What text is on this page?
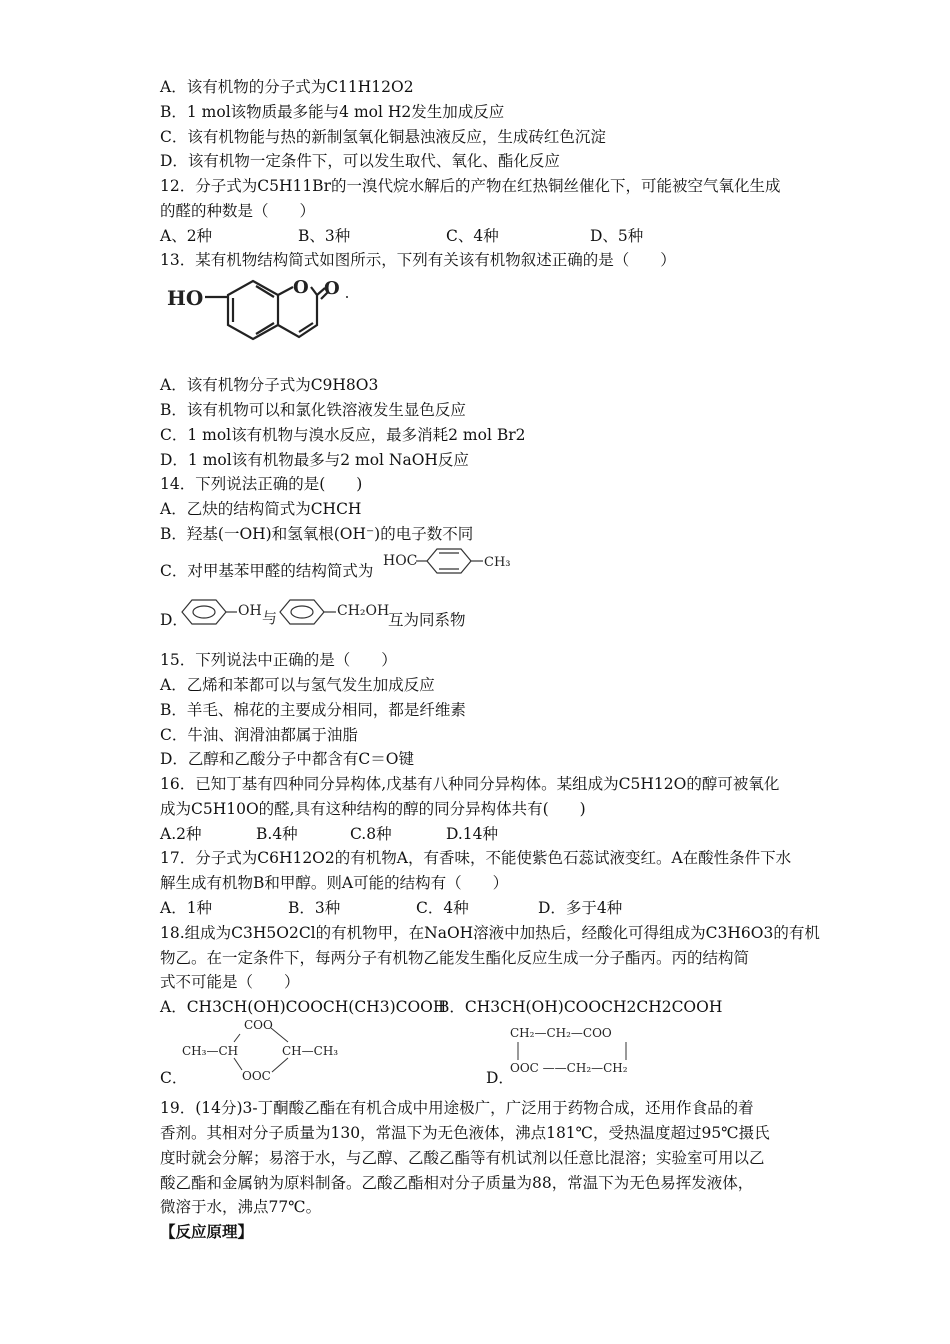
A．该有机物的分子式为C11H12O2
B．1 mol该物质最多能与4 mol H2发生加成反应
C．该有机物能与热的新制氢氧化铜悬浊液反应，生成砖红色沉淀
D．该有机物一定条件下，可以发生取代、氧化、酯化反应
12．分子式为C5H11Br的一溴代烷水解后的产物在红热铜丝催化下，可能被空气氧化生成
的醛的种数是（　　）
A、2种	B、3种	C、4种	D、5种
13．某有机物结构简式如图所示，下列有关该有机物叙述正确的是（　　）
HO	O O
A．该有机物分子式为C9H8O3
B．该有机物可以和氯化铁溶液发生显色反应
C．1 mol该有机物与溴水反应，最多消耗2 mol Br2
D．1 mol该有机物最多与2 mol NaOH反应
14．下列说法正确的是(　　)
A．乙炔的结构简式为CHCH
B．羟基(一OH)和氢氧根(OH⁻)的电子数不同
C．对甲基苯甲醛的结构简式为
HOC	CH₃
D．	OH 与	CH₂OH
互为同系物
15．下列说法中正确的是（　　）
A．乙烯和苯都可以与氢气发生加成反应
B．羊毛、棉花的主要成分相同，都是纤维素
C．牛油、润滑油都属于油脂
D．乙醇和乙酸分子中都含有C＝O键
16．已知丁基有四种同分异构体,戊基有八种同分异构体。某组成为C5H12O的醇可被氧化
成为C5H10O的醛,具有这种结构的醇的同分异构体共有(　　)
A.2种	B.4种	C.8种	D.14种
17．分子式为C6H12O2的有机物A，有香味，不能使紫色石蕊试液变红。A在酸性条件下水
解生成有机物B和甲醇。则A可能的结构有（　　）
A．1种	B．3种	C．4种	D．多于4种
18.组成为C3H5O2Cl的有机物甲，在NaOH溶液中加热后，经酸化可得组成为C3H6O3的有机
物乙。在一定条件下，每两分子有机物乙能发生酯化反应生成一分子酯丙。丙的结构简
式不可能是（　　）
A．CH3CH(OH)COOCH(CH3)COOH
B．CH3CH(OH)COOCH2CH2COOH
C．
COO
CH₃—CH	CH—CH₃
OOC	D．
CH₂—CH₂—COO
OOC ——CH₂—CH₂
19．(14分)3-丁酮酸乙酯在有机合成中用途极广，广泛用于药物合成，还用作食品的着
香剂。其相对分子质量为130，常温下为无色液体，沸点181℃，受热温度超过95℃摄氏
度时就会分解；易溶于水，与乙醇、乙酸乙酯等有机试剂以任意比混溶；实验室可用以乙
酸乙酯和金属钠为原料制备。乙酸乙酯相对分子质量为88，常温下为无色易挥发液体，
微溶于水，沸点77℃。
【反应原理】
